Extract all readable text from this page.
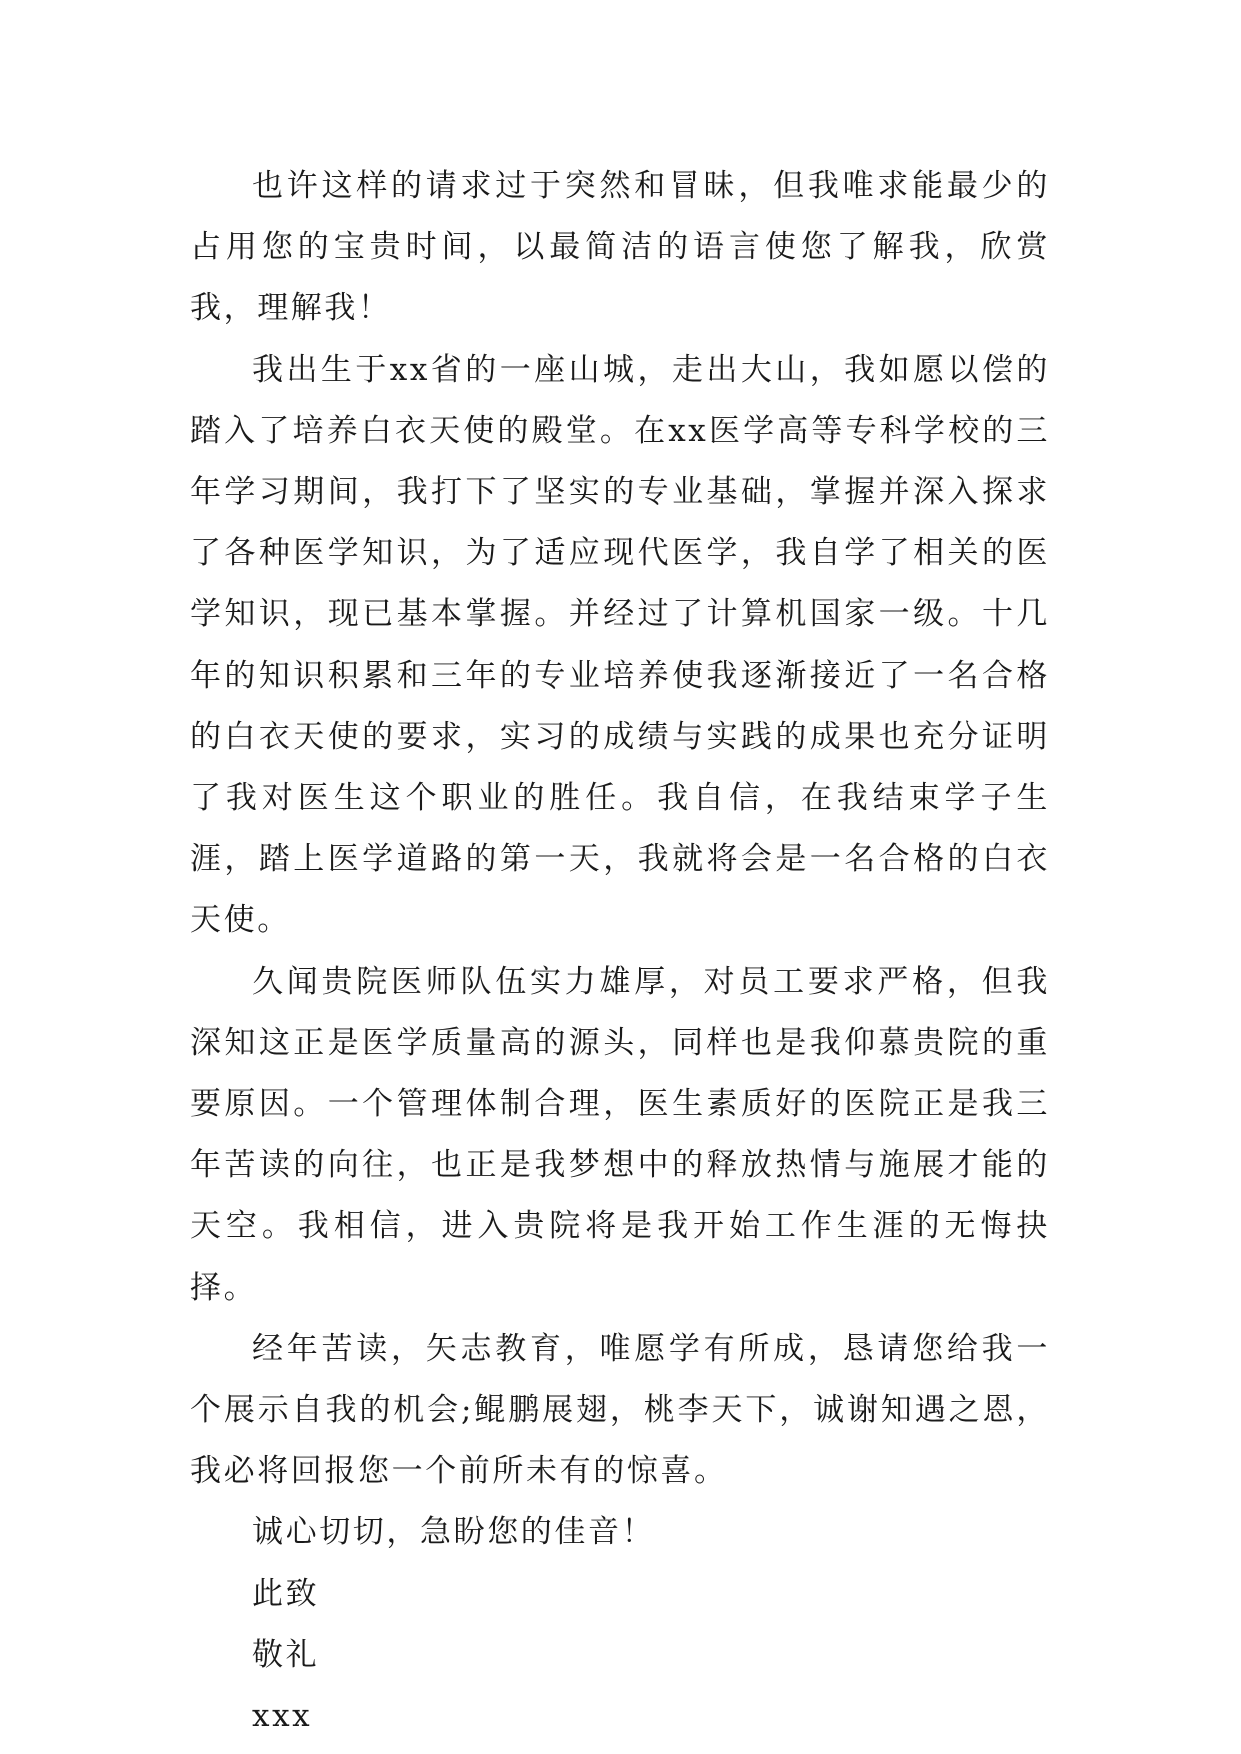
也许这样的请求过于突然和冒昧，但我唯求能最少的占用您的宝贵时间，以最简洁的语言使您了解我，欣赏我，理解我！

我出生于xx省的一座山城，走出大山，我如愿以偿的踏入了培养白衣天使的殿堂。在xx医学高等专科学校的三年学习期间，我打下了坚实的专业基础，掌握并深入探求了各种医学知识，为了适应现代医学，我自学了相关的医学知识，现已基本掌握。并经过了计算机国家一级。十几年的知识积累和三年的专业培养使我逐渐接近了一名合格的白衣天使的要求，实习的成绩与实践的成果也充分证明了我对医生这个职业的胜任。我自信，在我结束学子生涯，踏上医学道路的第一天，我就将会是一名合格的白衣天使。

久闻贵院医师队伍实力雄厚，对员工要求严格，但我深知这正是医学质量高的源头，同样也是我仰慕贵院的重要原因。一个管理体制合理，医生素质好的医院正是我三年苦读的向往，也正是我梦想中的释放热情与施展才能的天空。我相信，进入贵院将是我开始工作生涯的无悔抉择。

经年苦读，矢志教育，唯愿学有所成，恳请您给我一个展示自我的机会;鲲鹏展翅，桃李天下，诚谢知遇之恩，我必将回报您一个前所未有的惊喜。

诚心切切，急盼您的佳音！

此致

敬礼

xxx
